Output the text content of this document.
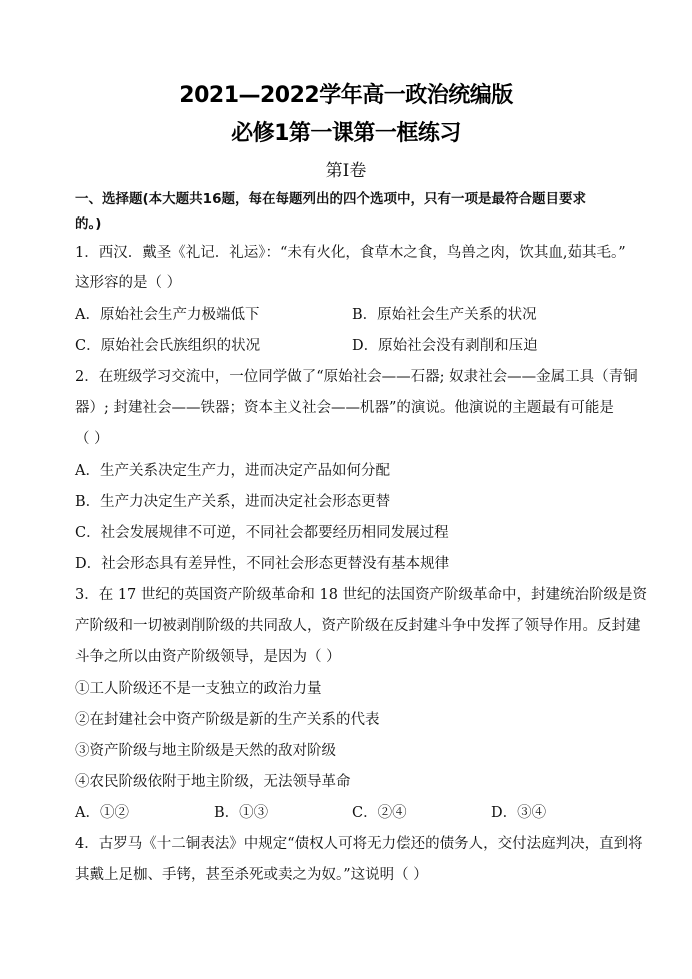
2021—2022学年高一政治统编版
必修1第一课第一框练习
第I卷
一、选择题(本大题共16题，每在每题列出的四个选项中，只有一项是最符合题目要求
的。)
1．西汉．戴圣《礼记．礼运》：“未有火化，食草木之食，鸟兽之肉，饮其血,茹其毛。”
这形容的是（ ）
A．原始社会生产力极端低下	B．原始社会生产关系的状况
C．原始社会氏族组织的状况	D．原始社会没有剥削和压迫
2．在班级学习交流中，一位同学做了“原始社会——石器; 奴隶社会——金属工具（青铜
器）; 封建社会——铁器；资本主义社会——机器”的演说。他演说的主题最有可能是
（ ）
A．生产关系决定生产力，进而决定产品如何分配
B．生产力决定生产关系，进而决定社会形态更替
C．社会发展规律不可逆，不同社会都要经历相同发展过程
D．社会形态具有差异性，不同社会形态更替没有基本规律
3．在 17 世纪的英国资产阶级革命和 18 世纪的法国资产阶级革命中，封建统治阶级是资
产阶级和一切被剥削阶级的共同敌人，资产阶级在反封建斗争中发挥了领导作用。反封建
斗争之所以由资产阶级领导，是因为（ ）
①工人阶级还不是一支独立的政治力量
②在封建社会中资产阶级是新的生产关系的代表
③资产阶级与地主阶级是天然的敌对阶级
④农民阶级依附于地主阶级，无法领导革命
A．①②	B．①③	C．②④	D．③④
4．古罗马《十二铜表法》中规定“债权人可将无力偿还的债务人，交付法庭判决，直到将
其戴上足枷、手铐，甚至杀死或卖之为奴。”这说明（ ）
